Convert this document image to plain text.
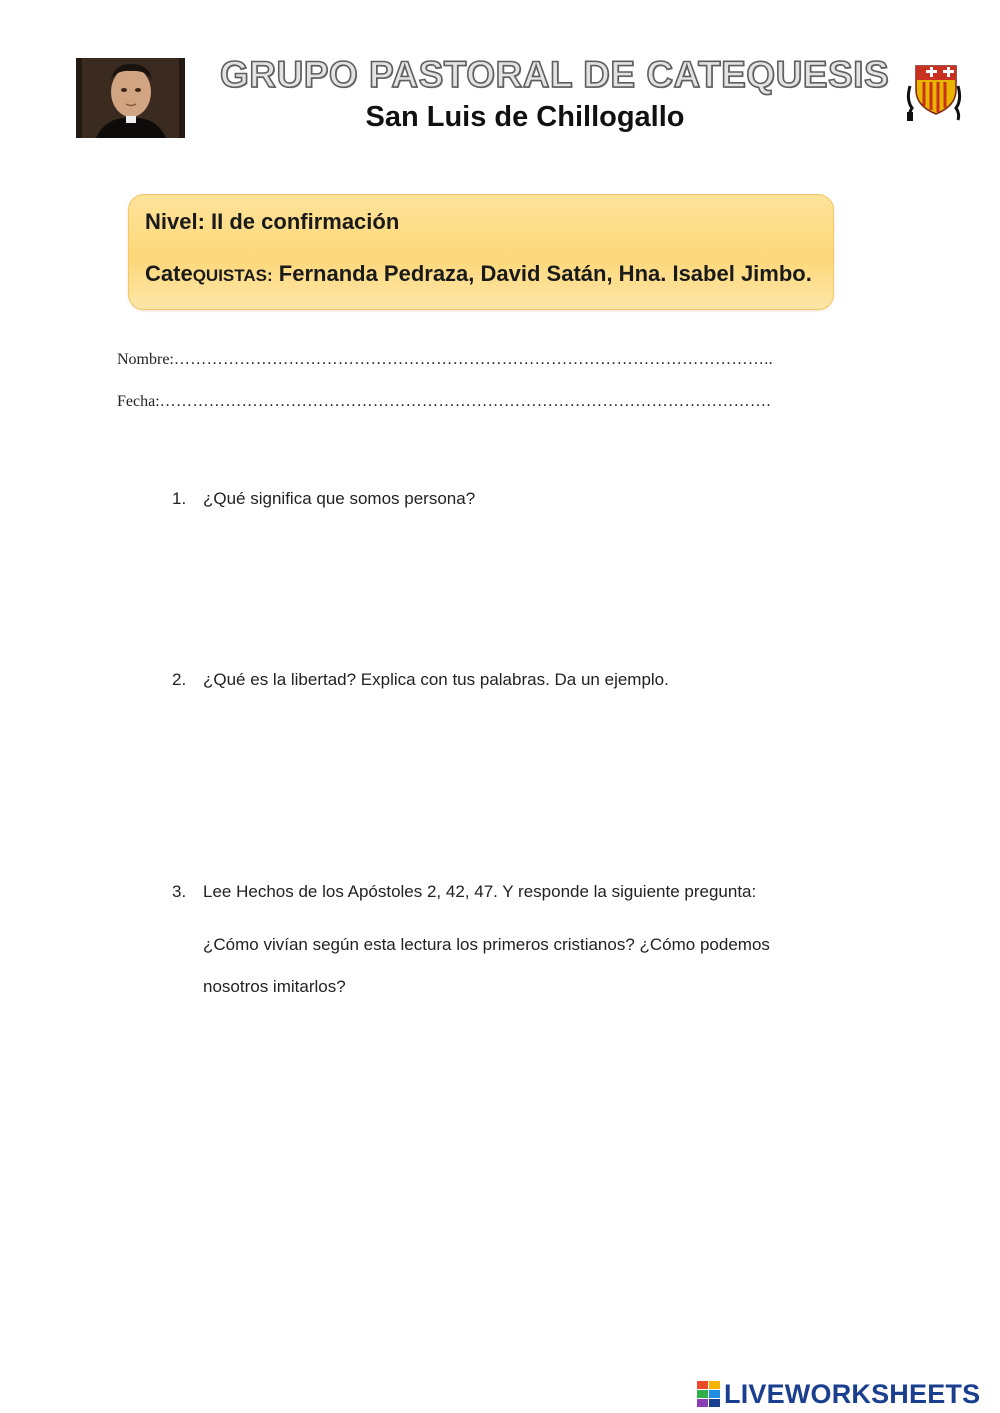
GRUPO PASTORAL DE CATEQUESIS
San Luis de Chillogallo
Nivel: II de confirmación
CateQUISTAS: Fernanda Pedraza, David Satán, Hna. Isabel Jimbo.
Nombre:………………………………………………………………………………………………..
Fecha:………………………………………………………………………………………………….
1. ¿Qué significa que somos persona?
2. ¿Qué es la libertad? Explica con tus palabras. Da un ejemplo.
3. Lee Hechos de los Apóstoles 2, 42, 47. Y responde la siguiente pregunta:
¿Cómo vivían según esta lectura los primeros cristianos? ¿Cómo podemos
nosotros imitarlos?
LIVEWORKSHEETS
